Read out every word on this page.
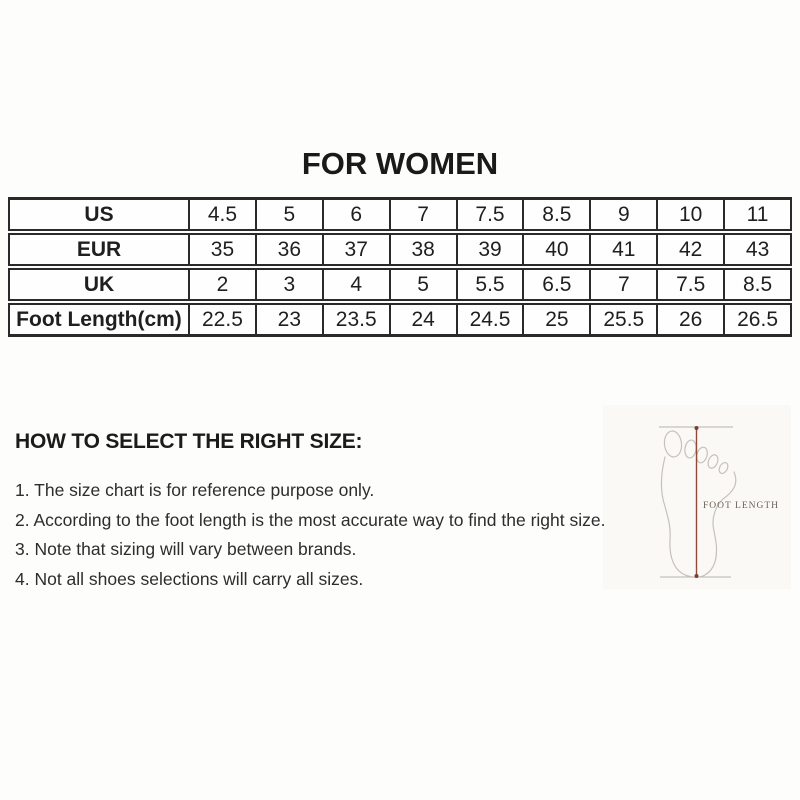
FOR WOMEN
US	4.5	5	6	7	7.5	8.5	9	10	11
EUR	35	36	37	38	39	40	41	42	43
UK	2	3	4	5	5.5	6.5	7	7.5	8.5
Foot Length(cm) 22.5	23	23.5	24	24.5	25	25.5	26	26.5
HOW TO SELECT THE RIGHT SIZE:
1. The size chart is for reference purpose only.
2. According to the foot length is the most accurate way to find the right size.
3. Note that sizing will vary between brands.
4. Not all shoes selections will carry all sizes.
FOOT LENGTH
